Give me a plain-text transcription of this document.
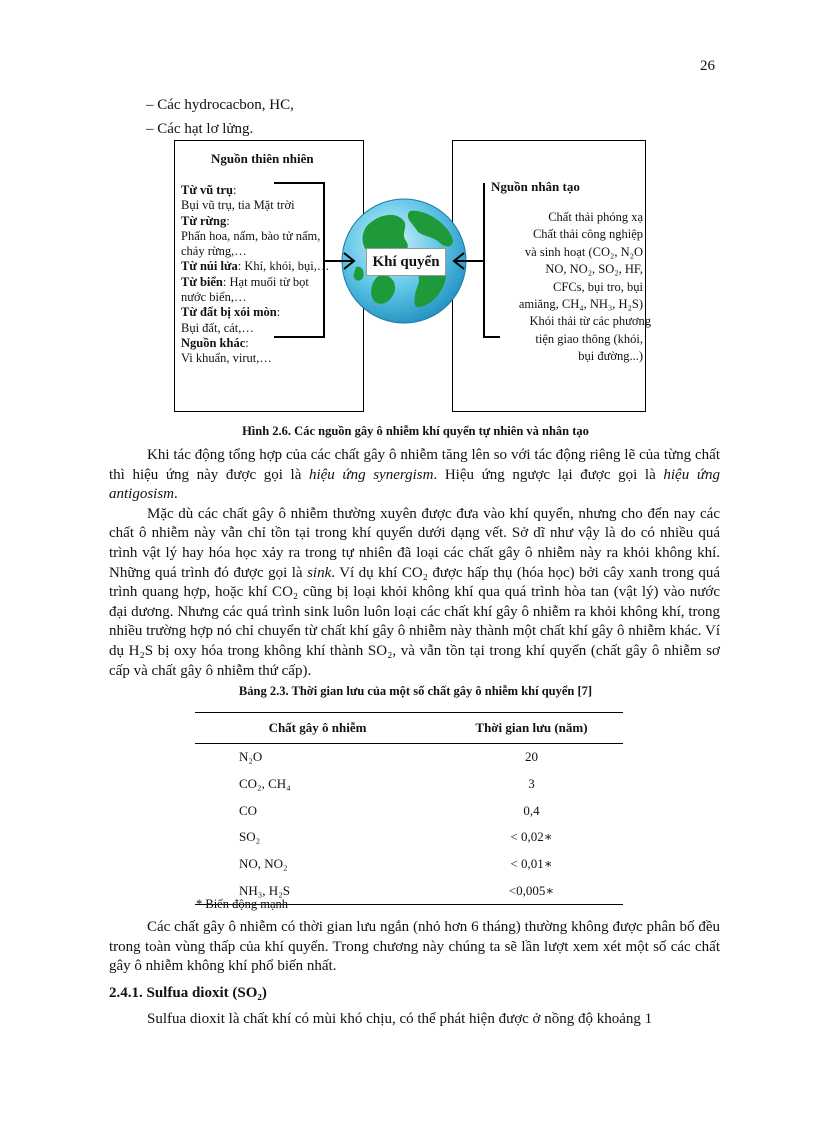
26
– Các hydrocacbon, HC,
– Các hạt lơ lửng.
Nguồn thiên nhiên
Từ vũ trụ:
Bụi vũ trụ, tia Mặt trời
Từ rừng:
Phấn hoa, nấm, bào tử nấm, cháy rừng,…
Từ núi lửa: Khí, khói, bụi,…
Từ biển: Hạt muối từ bọt nước biển,…
Từ đất bị xói mòn:
Bụi đất, cát,…
Nguồn khác:
Vi khuẩn, virut,…
Nguồn nhân tạo
Chất thải phóng xạ
Chất thải công nghiệp
và sinh hoạt (CO₂, N₂O
NO, NO₂, SO₂, HF,
CFCs, bụi tro, bụi
amiăng, CH₄, NH₃, H₂S)
Khói thải từ các phương
tiện giao thông (khói,
bụi đường...)
Khí quyển
Hình 2.6. Các nguồn gây ô nhiễm khí quyển tự nhiên và nhân tạo

Khi tác động tổng hợp của các chất gây ô nhiễm tăng lên so với tác động riêng lẽ của từng chất thì hiệu ứng này được gọi là hiệu ứng synergism. Hiệu ứng ngược lại được gọi là hiệu ứng antigosism.

Mặc dù các chất gây ô nhiễm thường xuyên được đưa vào khí quyển, nhưng cho đến nay các chất ô nhiễm này vẫn chỉ tồn tại trong khí quyển dưới dạng vết. Sở dĩ như vậy là do có nhiều quá trình vật lý hay hóa học xảy ra trong tự nhiên đã loại các chất gây ô nhiễm này ra khỏi không khí. Những quá trình đó được gọi là sink. Ví dụ khí CO₂ được hấp thụ (hóa học) bởi cây xanh trong quá trình quang hợp, hoặc khí CO₂ cũng bị loại khỏi không khí qua quá trình hòa tan (vật lý) vào nước đại dương. Nhưng các quá trình sink luôn luôn loại các chất khí gây ô nhiễm ra khỏi không khí, trong nhiều trường hợp nó chỉ chuyển từ chất khí gây ô nhiễm này thành một chất khí gây ô nhiễm khác. Ví dụ H₂S bị oxy hóa trong không khí thành SO₂, và vẫn tồn tại trong khí quyển (chất gây ô nhiễm sơ cấp và chất gây ô nhiễm thứ cấp).

Bảng 2.3. Thời gian lưu của một số chất gây ô nhiễm khí quyển [7]
Chất gây ô nhiễm	Thời gian lưu (năm)
N₂O	20
CO₂, CH₄	3
CO	0,4
SO₂	< 0,02∗
NO, NO₂	< 0,01∗
NH₃, H₂S	<0,005∗
* Biến động mạnh

Các chất gây ô nhiễm có thời gian lưu ngắn (nhỏ hơn 6 tháng) thường không được phân bố đều trong toàn vùng thấp của khí quyển. Trong chương này chúng ta sẽ lần lượt xem xét một số các chất gây ô nhiễm không khí phổ biến nhất.

2.4.1. Sulfua dioxit (SO₂)

Sulfua dioxit là chất khí có mùi khó chịu, có thể phát hiện được ở nồng độ khoảng 1
